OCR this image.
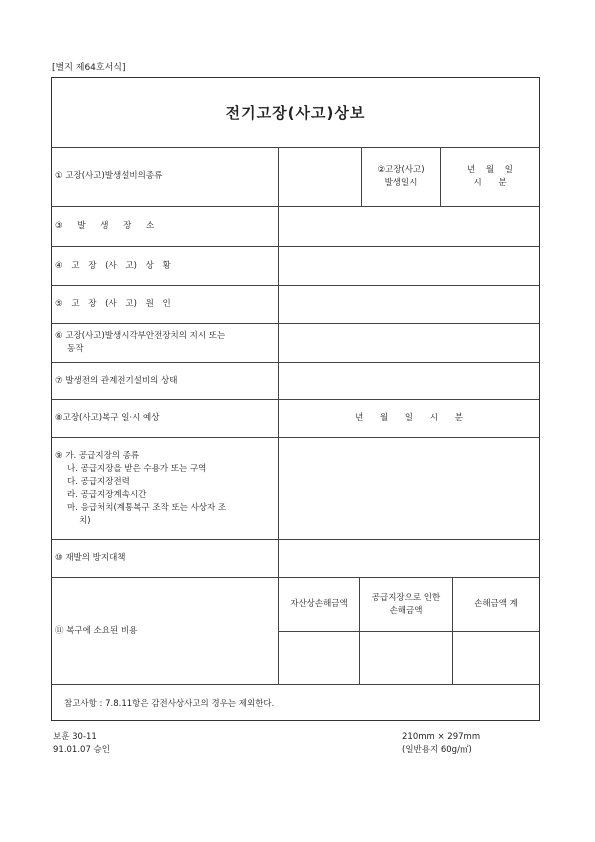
[별지 제64호서식]
전기고장(사고)상보
① 고장(사고)발생설비의종류
②고장(사고)
발생일시
년 월 일
시 분
③ 발 생 장 소
④ 고 장 (사 고) 상 황
⑤ 고 장 (사 고) 원 인
⑥ 고장(사고)발생시각부안전장치의 지시 또는
동작
⑦ 발생전의 관계전기설비의 상태
⑧고장(사고)복구 일·시 예상	년 월 일 시 분
⑨ 가. 공급지장의 종류
나. 공급지장을 받은 수용가 또는 구역
다. 공급지장전력
라. 공급지장계속시간
마. 응급처치(계통복구 조작 또는 사상자 조
치)
⑩ 재발의 방지대책
⑪ 복구에 소요된 비용
자산상손해금액
공급지장으로 인한
손해금액
손해금액 계
참고사항 : 7.8.11항은 감전사상사고의 경우는 제외한다.
보훈 30-11
91.01.07 승인
210mm × 297mm
(일반용지 60g/㎡)
